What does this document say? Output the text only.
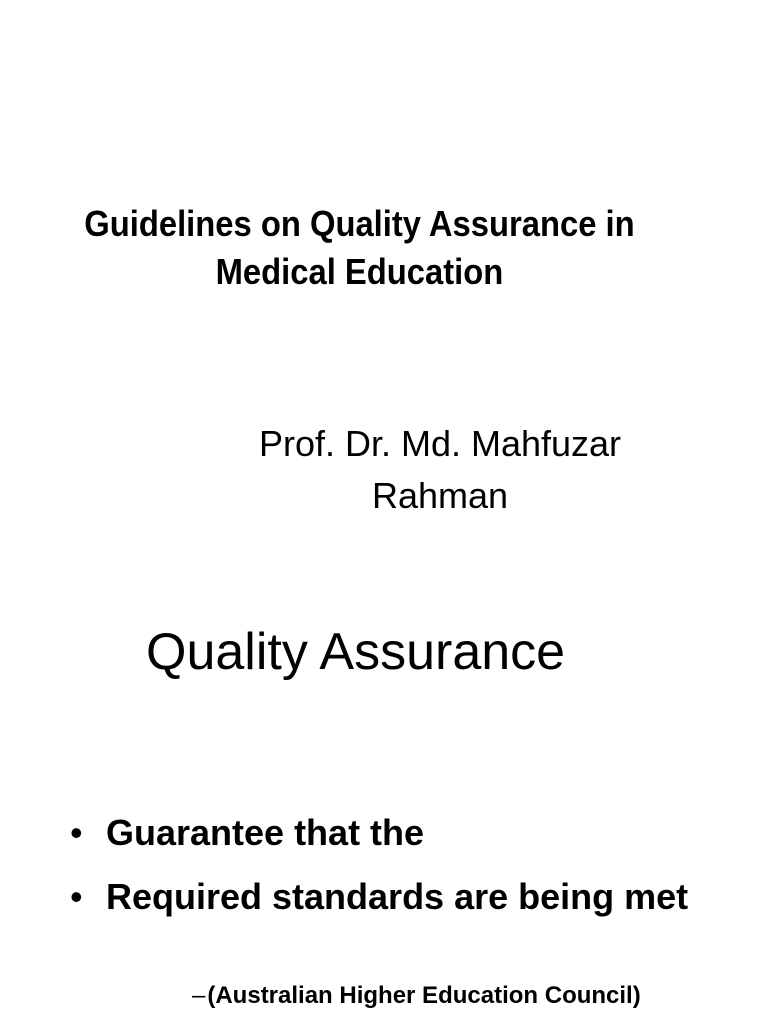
Guidelines on Quality Assurance in
Medical Education
Prof. Dr. Md. Mahfuzar
Rahman
Quality Assurance
• Guarantee that the
• Required standards are being met
–(Australian Higher Education Council)
